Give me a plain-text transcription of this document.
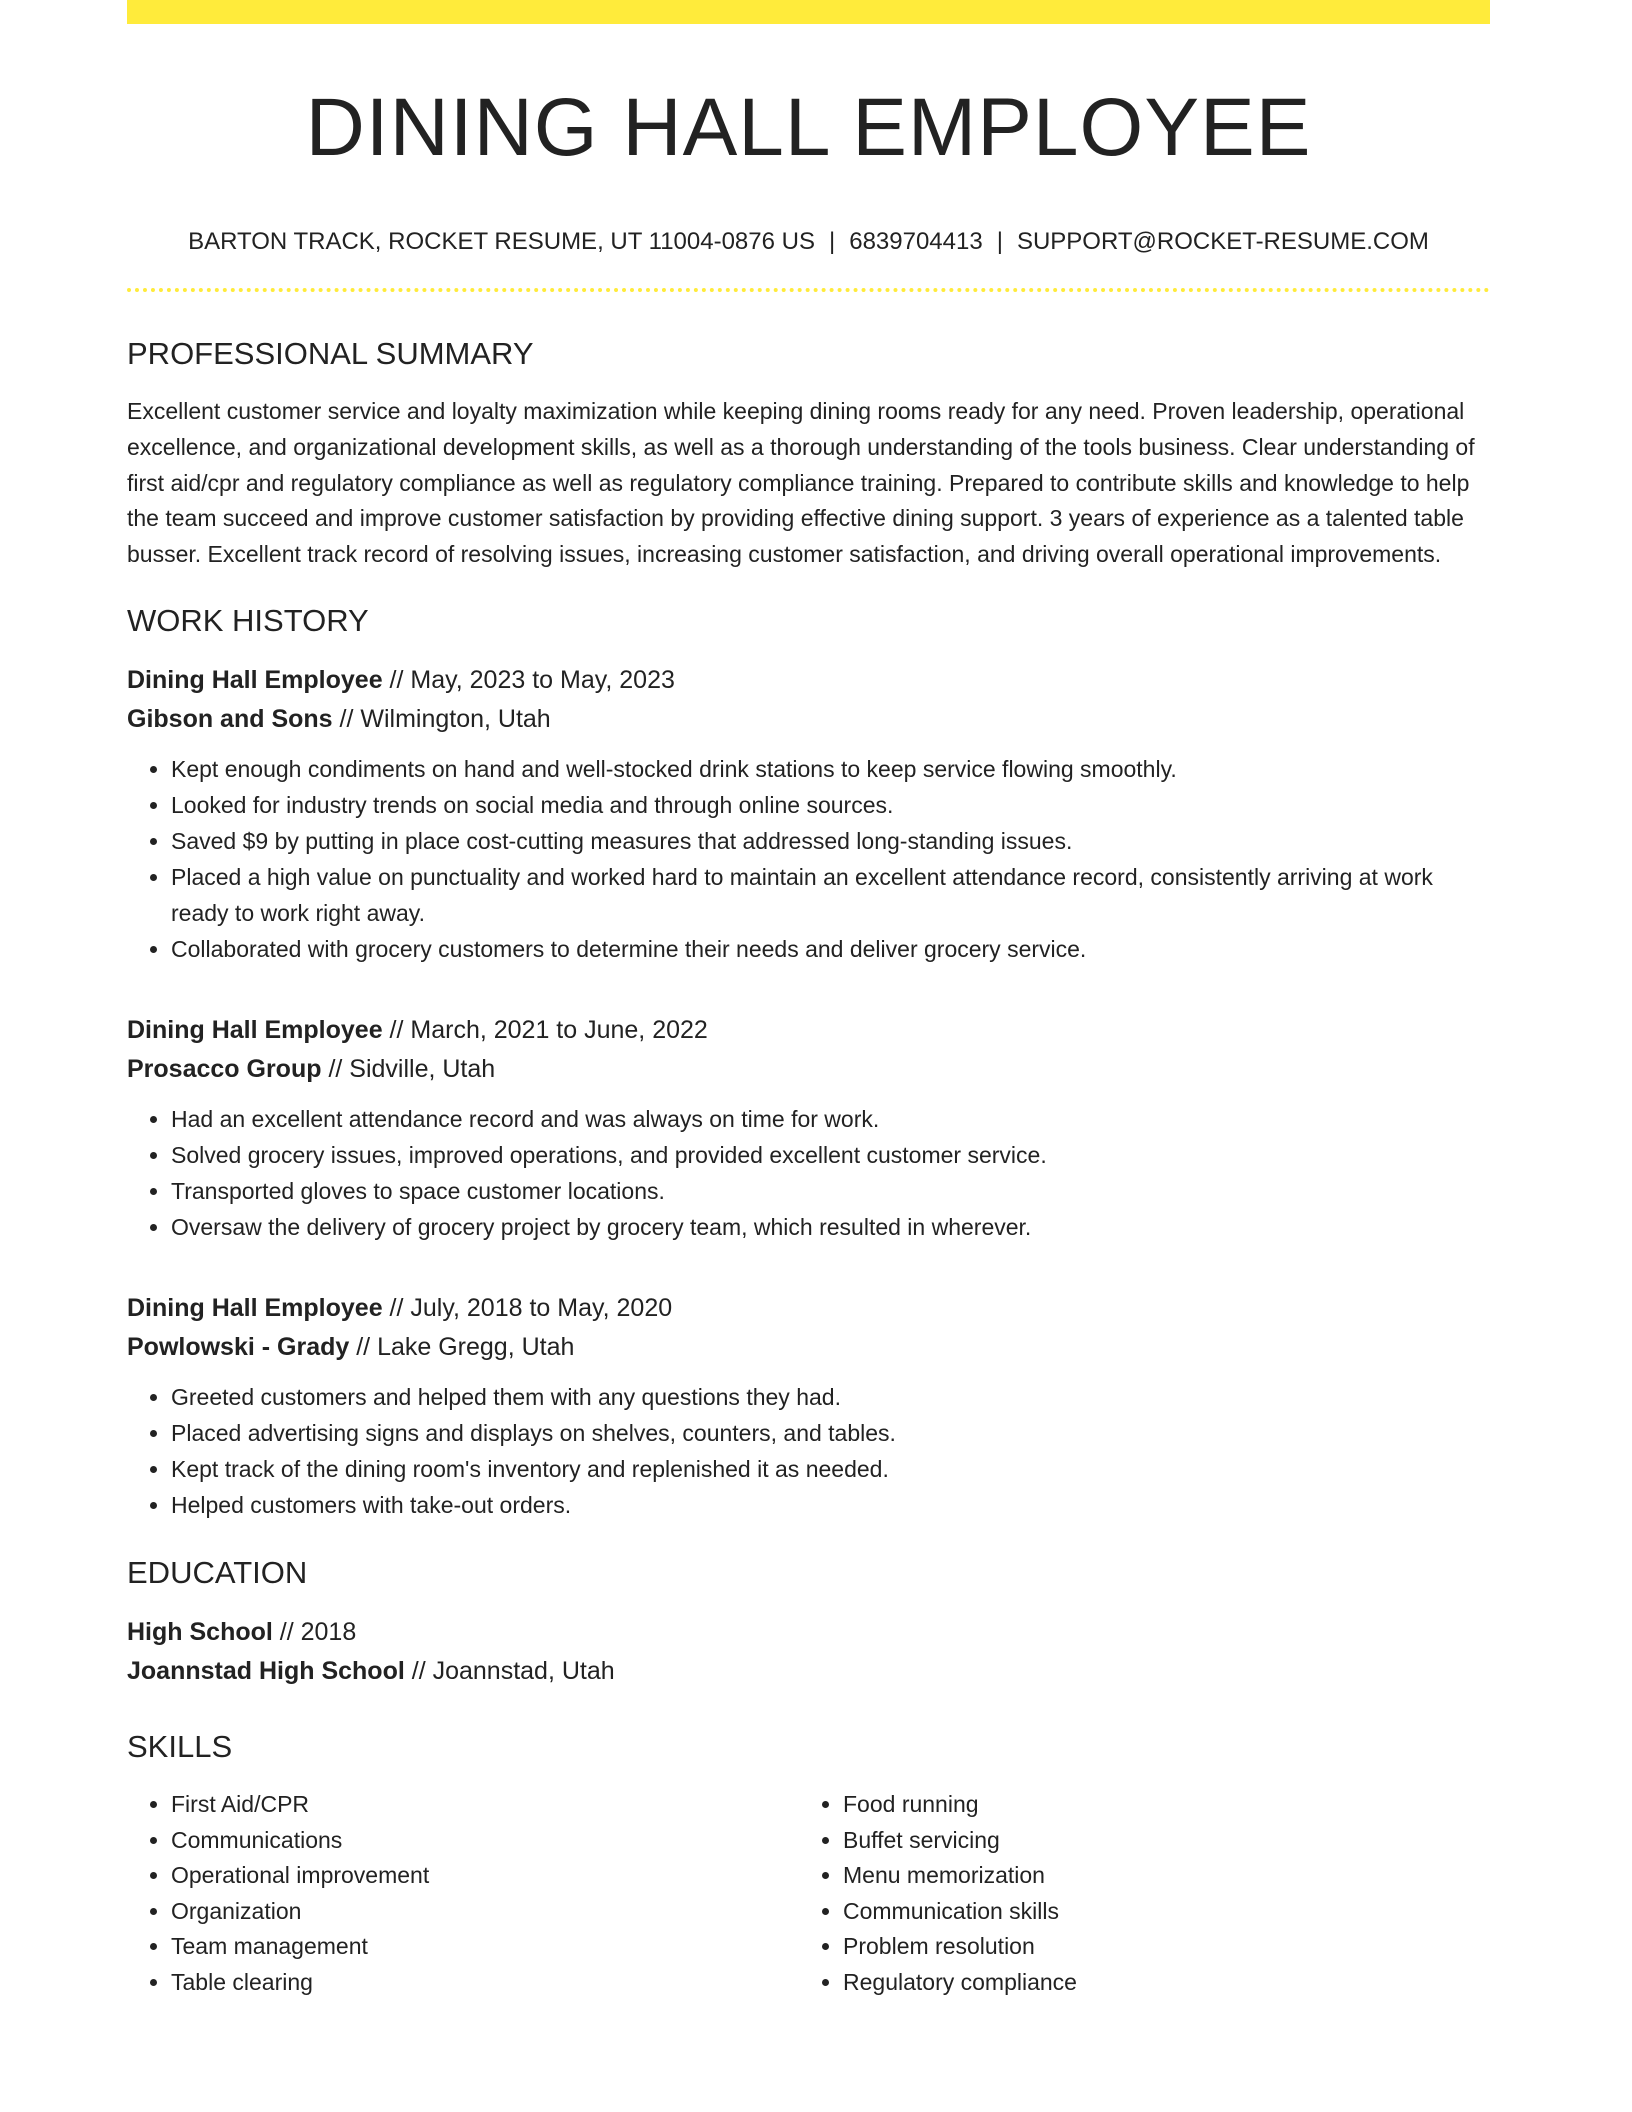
DINING HALL EMPLOYEE
BARTON TRACK, ROCKET RESUME, UT 11004-0876 US | 6839704413 | SUPPORT@ROCKET-RESUME.COM
PROFESSIONAL SUMMARY
Excellent customer service and loyalty maximization while keeping dining rooms ready for any need. Proven leadership, operational excellence, and organizational development skills, as well as a thorough understanding of the tools business. Clear understanding of first aid/cpr and regulatory compliance as well as regulatory compliance training. Prepared to contribute skills and knowledge to help the team succeed and improve customer satisfaction by providing effective dining support. 3 years of experience as a talented table busser. Excellent track record of resolving issues, increasing customer satisfaction, and driving overall operational improvements.
WORK HISTORY
Dining Hall Employee // May, 2023 to May, 2023
Gibson and Sons // Wilmington, Utah
• Kept enough condiments on hand and well-stocked drink stations to keep service flowing smoothly.
• Looked for industry trends on social media and through online sources.
• Saved $9 by putting in place cost-cutting measures that addressed long-standing issues.
• Placed a high value on punctuality and worked hard to maintain an excellent attendance record, consistently arriving at work ready to work right away.
• Collaborated with grocery customers to determine their needs and deliver grocery service.
Dining Hall Employee // March, 2021 to June, 2022
Prosacco Group // Sidville, Utah
• Had an excellent attendance record and was always on time for work.
• Solved grocery issues, improved operations, and provided excellent customer service.
• Transported gloves to space customer locations.
• Oversaw the delivery of grocery project by grocery team, which resulted in wherever.
Dining Hall Employee // July, 2018 to May, 2020
Powlowski - Grady // Lake Gregg, Utah
• Greeted customers and helped them with any questions they had.
• Placed advertising signs and displays on shelves, counters, and tables.
• Kept track of the dining room's inventory and replenished it as needed.
• Helped customers with take-out orders.
EDUCATION
High School // 2018
Joannstad High School // Joannstad, Utah
SKILLS
• First Aid/CPR
• Communications
• Operational improvement
• Organization
• Team management
• Table clearing
• Food running
• Buffet servicing
• Menu memorization
• Communication skills
• Problem resolution
• Regulatory compliance
